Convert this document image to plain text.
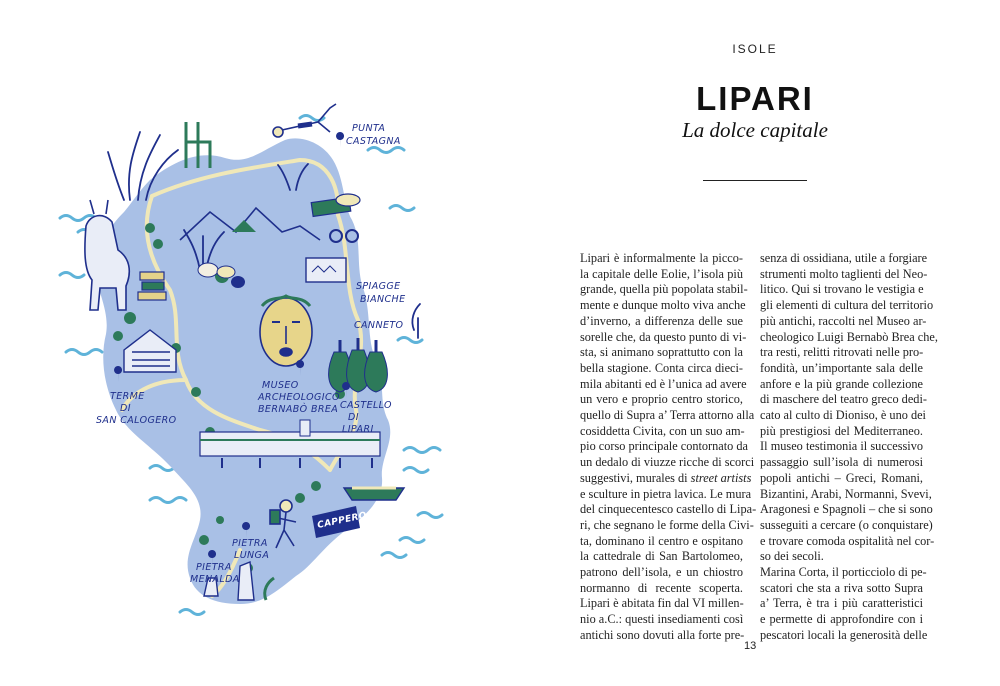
CAPPERO
PUNTA
CASTAGNA
SPIAGGE
BIANCHE
CANNETO
MUSEO
ARCHEOLOGICO
BERNABÒ BREA CASTELLO
DI
LIPARI
TERME
DI
SAN CALOGERO
PIETRA
LUNGA
PIETRA
MENALDA
ISOLE
LIPARI
La dolce capitale
Lipari è informalmente la picco-
la capitale delle Eolie, l’isola più
grande, quella più popolata stabil-
mente e dunque molto viva anche
d’inverno, a differenza delle sue
sorelle che, da questo punto di vi-
sta, si animano soprattutto con la
bella stagione. Conta circa dieci-
mila abitanti ed è l’unica ad avere
un vero e proprio centro storico,
quello di Supra a’ Terra attorno alla
cosiddetta Civita, con un suo am-
pio corso principale contornato da
un dedalo di viuzze ricche di scorci
suggestivi, murales di street artists
e sculture in pietra lavica. Le mura
del cinquecentesco castello di Lipa-
ri, che segnano le forme della Civi-
ta, dominano il centro e ospitano
la cattedrale di San Bartolomeo,
patrono dell’isola, e un chiostro
normanno di recente scoperta.
Lipari è abitata fin dal VI millen-
nio a.C.: questi insediamenti così
antichi sono dovuti alla forte pre-
senza di ossidiana, utile a forgiare
strumenti molto taglienti del Neo-
litico. Qui si trovano le vestigia e
gli elementi di cultura del territorio
più antichi, raccolti nel Museo ar-
cheologico Luigi Bernabò Brea che,
tra resti, relitti ritrovati nelle pro-
fondità, un’importante sala delle
anfore e la più grande collezione
di maschere del teatro greco dedi-
cato al culto di Dioniso, è uno dei
più prestigiosi del Mediterraneo.
Il museo testimonia il successivo
passaggio sull’isola di numerosi
popoli antichi – Greci, Romani,
Bizantini, Arabi, Normanni, Svevi,
Aragonesi e Spagnoli – che si sono
susseguiti a cercare (o conquistare)
e trovare comoda ospitalità nel cor-
so dei secoli.
Marina Corta, il porticciolo di pe-
scatori che sta a riva sotto Supra
a’ Terra, è tra i più caratteristici
e permette di approfondire con i
pescatori locali la generosità delle
13
